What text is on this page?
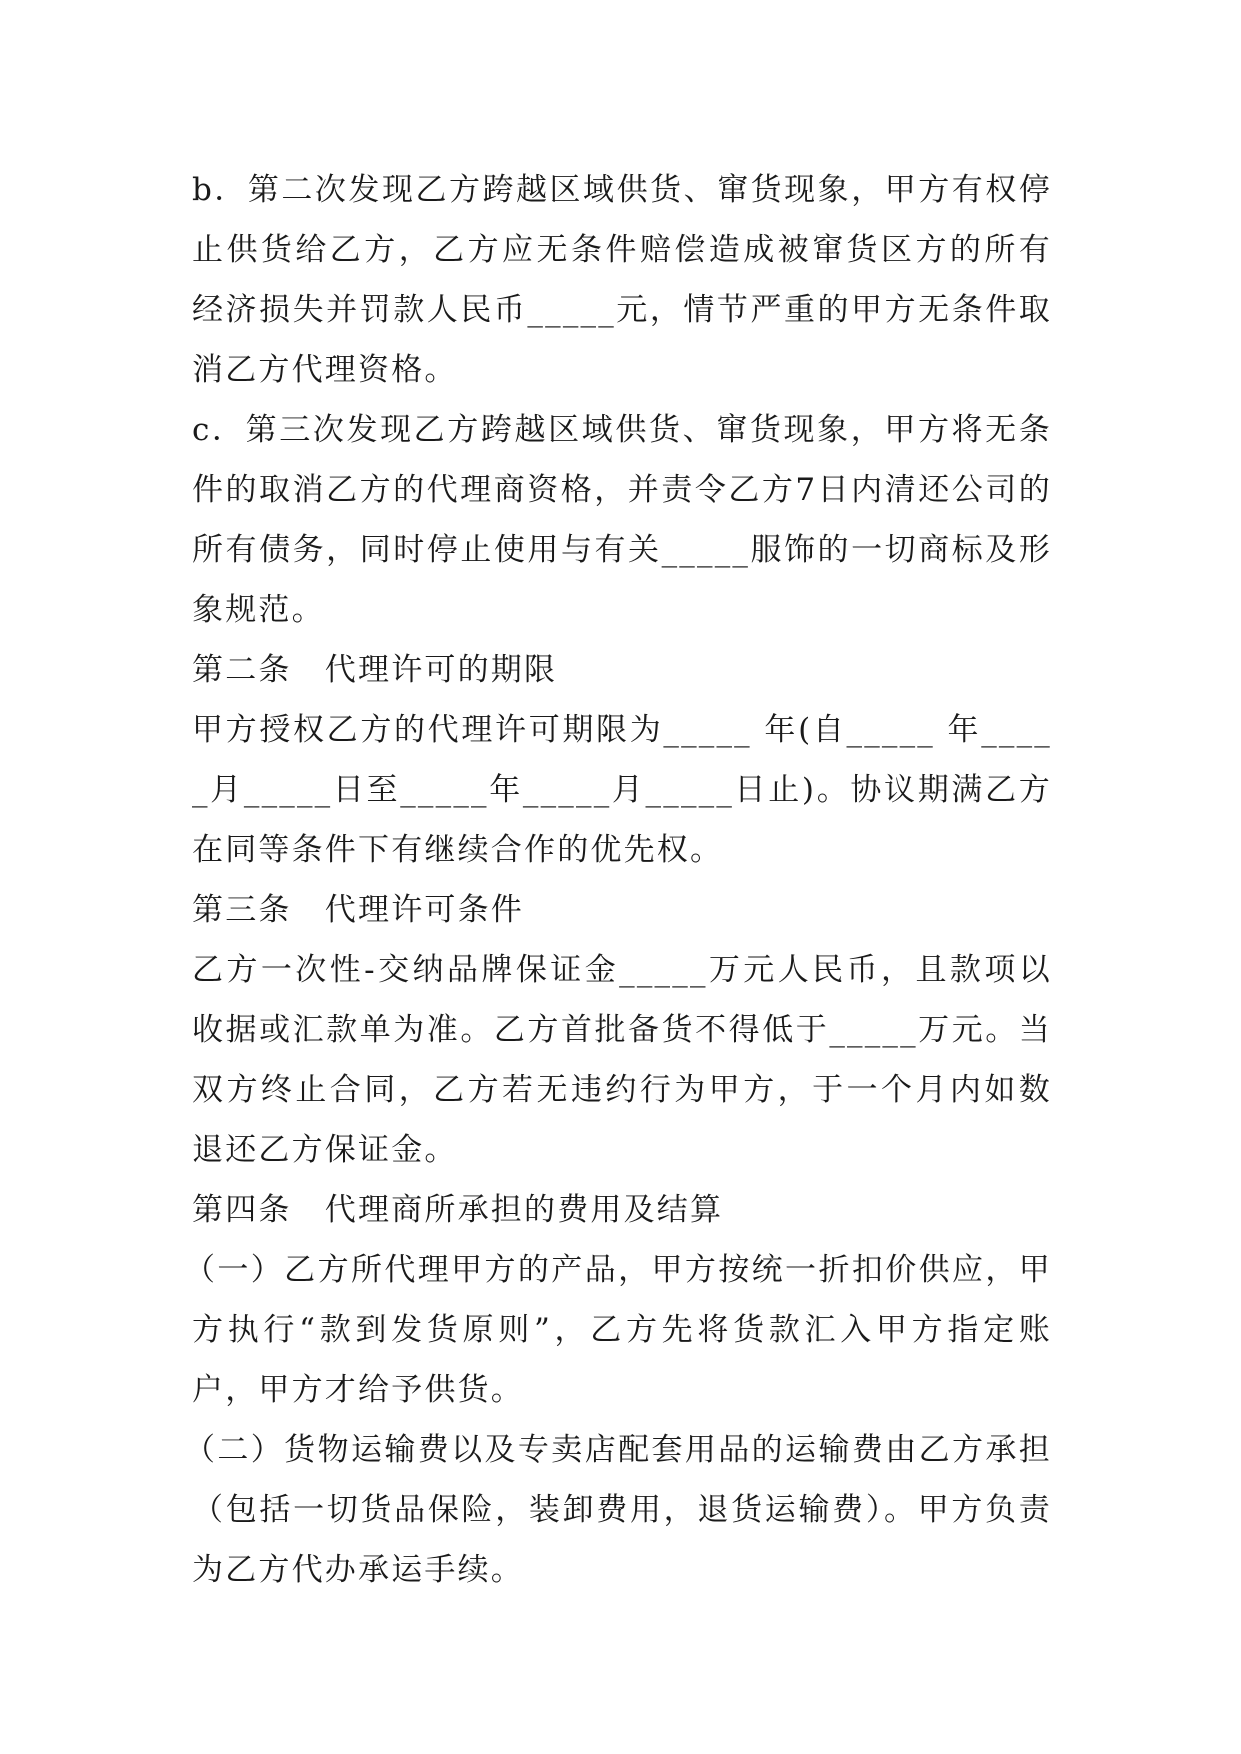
b．第二次发现乙方跨越区域供货、窜货现象，甲方有权停止供货给乙方，乙方应无条件赔偿造成被窜货区方的所有经济损失并罚款人民币_____元，情节严重的甲方无条件取消乙方代理资格。

c．第三次发现乙方跨越区域供货、窜货现象，甲方将无条件的取消乙方的代理商资格，并责令乙方7日内清还公司的所有债务，同时停止使用与有关_____服饰的一切商标及形象规范。

第二条　代理许可的期限

甲方授权乙方的代理许可期限为_____ 年(自_____ 年_____月_____日至_____年_____月_____日止)。协议期满乙方在同等条件下有继续合作的优先权。

第三条　代理许可条件

乙方一次性-交纳品牌保证金_____万元人民币，且款项以收据或汇款单为准。乙方首批备货不得低于_____万元。当双方终止合同，乙方若无违约行为甲方，于一个月内如数退还乙方保证金。

第四条　代理商所承担的费用及结算

（一）乙方所代理甲方的产品，甲方按统一折扣价供应，甲方执行“款到发货原则”，乙方先将货款汇入甲方指定账户，甲方才给予供货。

（二）货物运输费以及专卖店配套用品的运输费由乙方承担（包括一切货品保险，装卸费用，退货运输费）。甲方负责为乙方代办承运手续。
